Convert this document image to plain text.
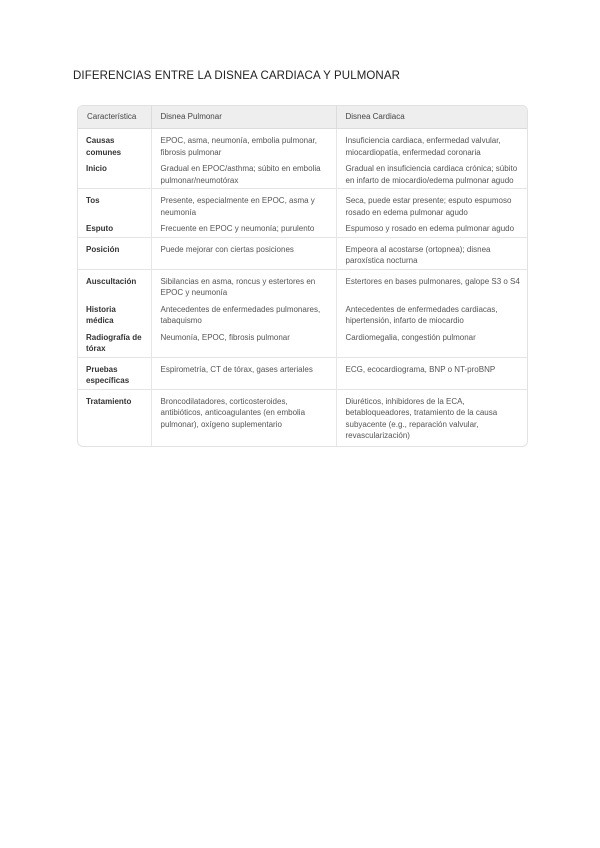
DIFERENCIAS ENTRE LA DISNEA CARDIACA Y PULMONAR
Característica	Disnea Pulmonar	Disnea Cardiaca
Causas comunes	EPOC, asma, neumonía, embolia pulmonar, fibrosis pulmonar	Insuficiencia cardiaca, enfermedad valvular, miocardiopatía, enfermedad coronaria
Inicio	Gradual en EPOC/asthma; súbito en embolia pulmonar/neumotórax	Gradual en insuficiencia cardiaca crónica; súbito en infarto de miocardio/edema pulmonar agudo
Tos	Presente, especialmente en EPOC, asma y neumonía	Seca, puede estar presente; esputo espumoso rosado en edema pulmonar agudo
Esputo	Frecuente en EPOC y neumonía; purulento	Espumoso y rosado en edema pulmonar agudo
Posición	Puede mejorar con ciertas posiciones	Empeora al acostarse (ortopnea); disnea paroxística nocturna
Auscultación	Sibilancias en asma, roncus y estertores en EPOC y neumonía	Estertores en bases pulmonares, galope S3 o S4
Historia médica	Antecedentes de enfermedades pulmonares, tabaquismo	Antecedentes de enfermedades cardiacas, hipertensión, infarto de miocardio
Radiografía de tórax	Neumonía, EPOC, fibrosis pulmonar	Cardiomegalia, congestión pulmonar
Pruebas específicas	Espirometría, CT de tórax, gases arteriales	ECG, ecocardiograma, BNP o NT-proBNP
Tratamiento	Broncodilatadores, corticosteroides, antibióticos, anticoagulantes (en embolia pulmonar), oxígeno suplementario	Diuréticos, inhibidores de la ECA, betabloqueadores, tratamiento de la causa subyacente (e.g., reparación valvular, revascularización)
